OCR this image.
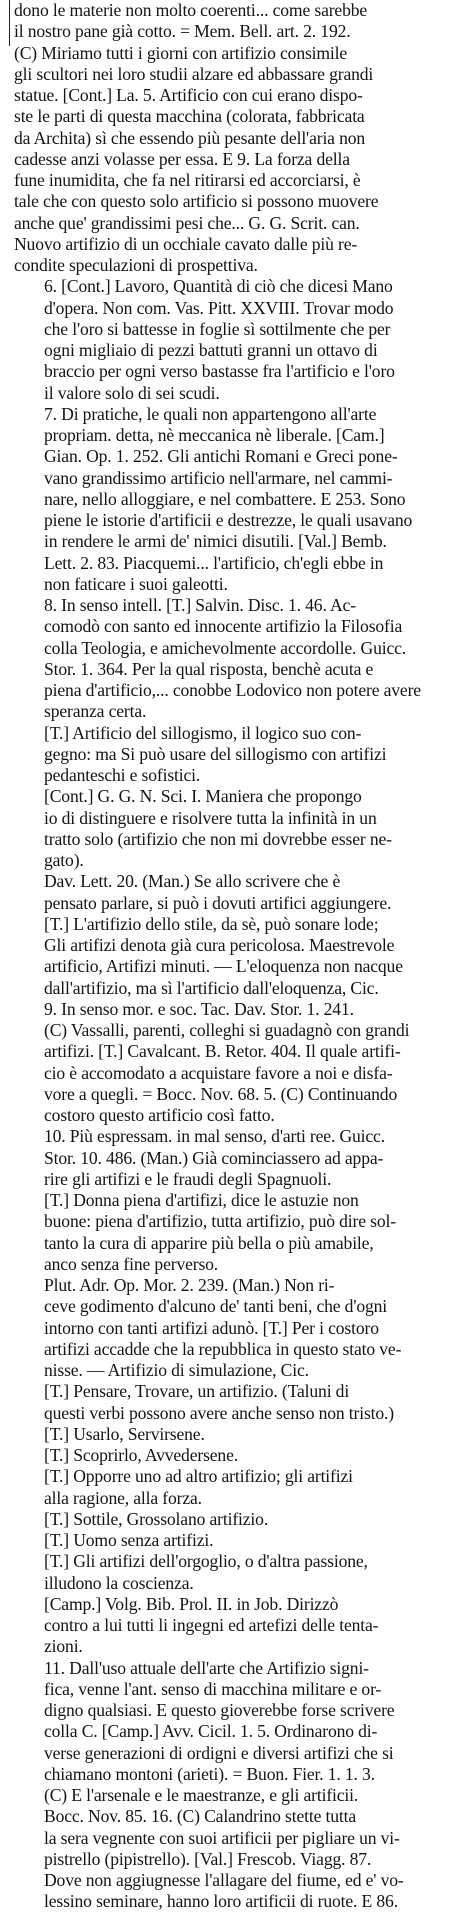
dono le materie non molto coerenti... come sarebbe
il nostro pane già cotto. = Mem. Bell. art. 2. 192.
(C) Miriamo tutti i giorni con artifizio consimile
gli scultori nei loro studii alzare ed abbassare grandi
statue. [Cont.] La. 5. Artificio con cui erano dispo-
ste le parti di questa macchina (colorata, fabbricata
da Archita) sì che essendo più pesante dell'aria non
cadesse anzi volasse per essa. E 9. La forza della
fune inumidita, che fa nel ritirarsi ed accorciarsi, è
tale che con questo solo artificio si possono muovere
anche que' grandissimi pesi che... G. G. Scrit. can.
Nuovo artifizio di un occhiale cavato dalle più re-
condite speculazioni di prospettiva.
6. [Cont.] Lavoro, Quantità di ciò che dicesi Mano
d'opera. Non com. Vas. Pitt. XXVIII. Trovar modo
che l'oro si battesse in foglie sì sottilmente che per
ogni migliaio di pezzi battuti granni un ottavo di
braccio per ogni verso bastasse fra l'artificio e l'oro
il valore solo di sei scudi.
7. Di pratiche, le quali non appartengono all'arte
propriam. detta, nè meccanica nè liberale. [Cam.]
Gian. Op. 1. 252. Gli antichi Romani e Greci pone-
vano grandissimo artificio nell'armare, nel cammi-
nare, nello alloggiare, e nel combattere. E 253. Sono
piene le istorie d'artificii e destrezze, le quali usavano
in rendere le armi de' nimici disutili. [Val.] Bemb.
Lett. 2. 83. Piacquemi... l'artificio, ch'egli ebbe in
non faticare i suoi galeotti.
8. In senso intell. [T.] Salvin. Disc. 1. 46. Ac-
comodò con santo ed innocente artifizio la Filosofia
colla Teologia, e amichevolmente accordolle. Guicc.
Stor. 1. 364. Per la qual risposta, benchè acuta e
piena d'artificio,... conobbe Lodovico non potere avere
speranza certa.
[T.] Artificio del sillogismo, il logico suo con-
gegno: ma Si può usare del sillogismo con artifizi
pedanteschi e sofistici.
[Cont.] G. G. N. Sci. I. Maniera che propongo
io di distinguere e risolvere tutta la infinità in un
tratto solo (artifizio che non mi dovrebbe esser ne-
gato).
Dav. Lett. 20. (Man.) Se allo scrivere che è
pensato parlare, si può i dovuti artifici aggiungere.
[T.] L'artifizio dello stile, da sè, può sonare lode;
Gli artifizi denota già cura pericolosa. Maestrevole
artificio, Artifizi minuti. — L'eloquenza non nacque
dall'artifizio, ma sì l'artificio dall'eloquenza, Cic.
9. In senso mor. e soc. Tac. Dav. Stor. 1. 241.
(C) Vassalli, parenti, colleghi si guadagnò con grandi
artifizi. [T.] Cavalcant. B. Retor. 404. Il quale artifi-
cio è accomodato a acquistare favore a noi e disfa-
vore a quegli. = Bocc. Nov. 68. 5. (C) Continuando
costoro questo artificio così fatto.
10. Più espressam. in mal senso, d'arti ree. Guicc.
Stor. 10. 486. (Man.) Già cominciassero ad appa-
rire gli artifizi e le fraudi degli Spagnuoli.
[T.] Donna piena d'artifizi, dice le astuzie non
buone: piena d'artifizio, tutta artifizio, può dire sol-
tanto la cura di apparire più bella o più amabile,
anco senza fine perverso.
Plut. Adr. Op. Mor. 2. 239. (Man.) Non ri-
ceve godimento d'alcuno de' tanti beni, che d'ogni
intorno con tanti artifizi adunò. [T.] Per i costoro
artifizi accadde che la repubblica in questo stato ve-
nisse. — Artifizio di simulazione, Cic.
[T.] Pensare, Trovare, un artifizio. (Taluni di
questi verbi possono avere anche senso non tristo.)
[T.] Usarlo, Servirsene.
[T.] Scoprirlo, Avvedersene.
[T.] Opporre uno ad altro artifizio; gli artifizi
alla ragione, alla forza.
[T.] Sottile, Grossolano artifizio.
[T.] Uomo senza artifizi.
[T.] Gli artifizi dell'orgoglio, o d'altra passione,
illudono la coscienza.
[Camp.] Volg. Bib. Prol. II. in Job. Dirizzò
contro a lui tutti li ingegni ed artefizi delle tenta-
zioni.
11. Dall'uso attuale dell'arte che Artifizio signi-
fica, venne l'ant. senso di macchina militare e or-
digno qualsiasi. E questo gioverebbe forse scrivere
colla C. [Camp.] Avv. Cicil. 1. 5. Ordinarono di-
verse generazioni di ordigni e diversi artifizi che si
chiamano montoni (arieti). = Buon. Fier. 1. 1. 3.
(C) E l'arsenale e le maestranze, e gli artificii.
Bocc. Nov. 85. 16. (C) Calandrino stette tutta
la sera vegnente con suoi artificii per pigliare un vi-
pistrello (pipistrello). [Val.] Frescob. Viagg. 87.
Dove non aggiugnesse l'allagare del fiume, ed e' vo-
lessino seminare, hanno loro artificii di ruote. E 86.
